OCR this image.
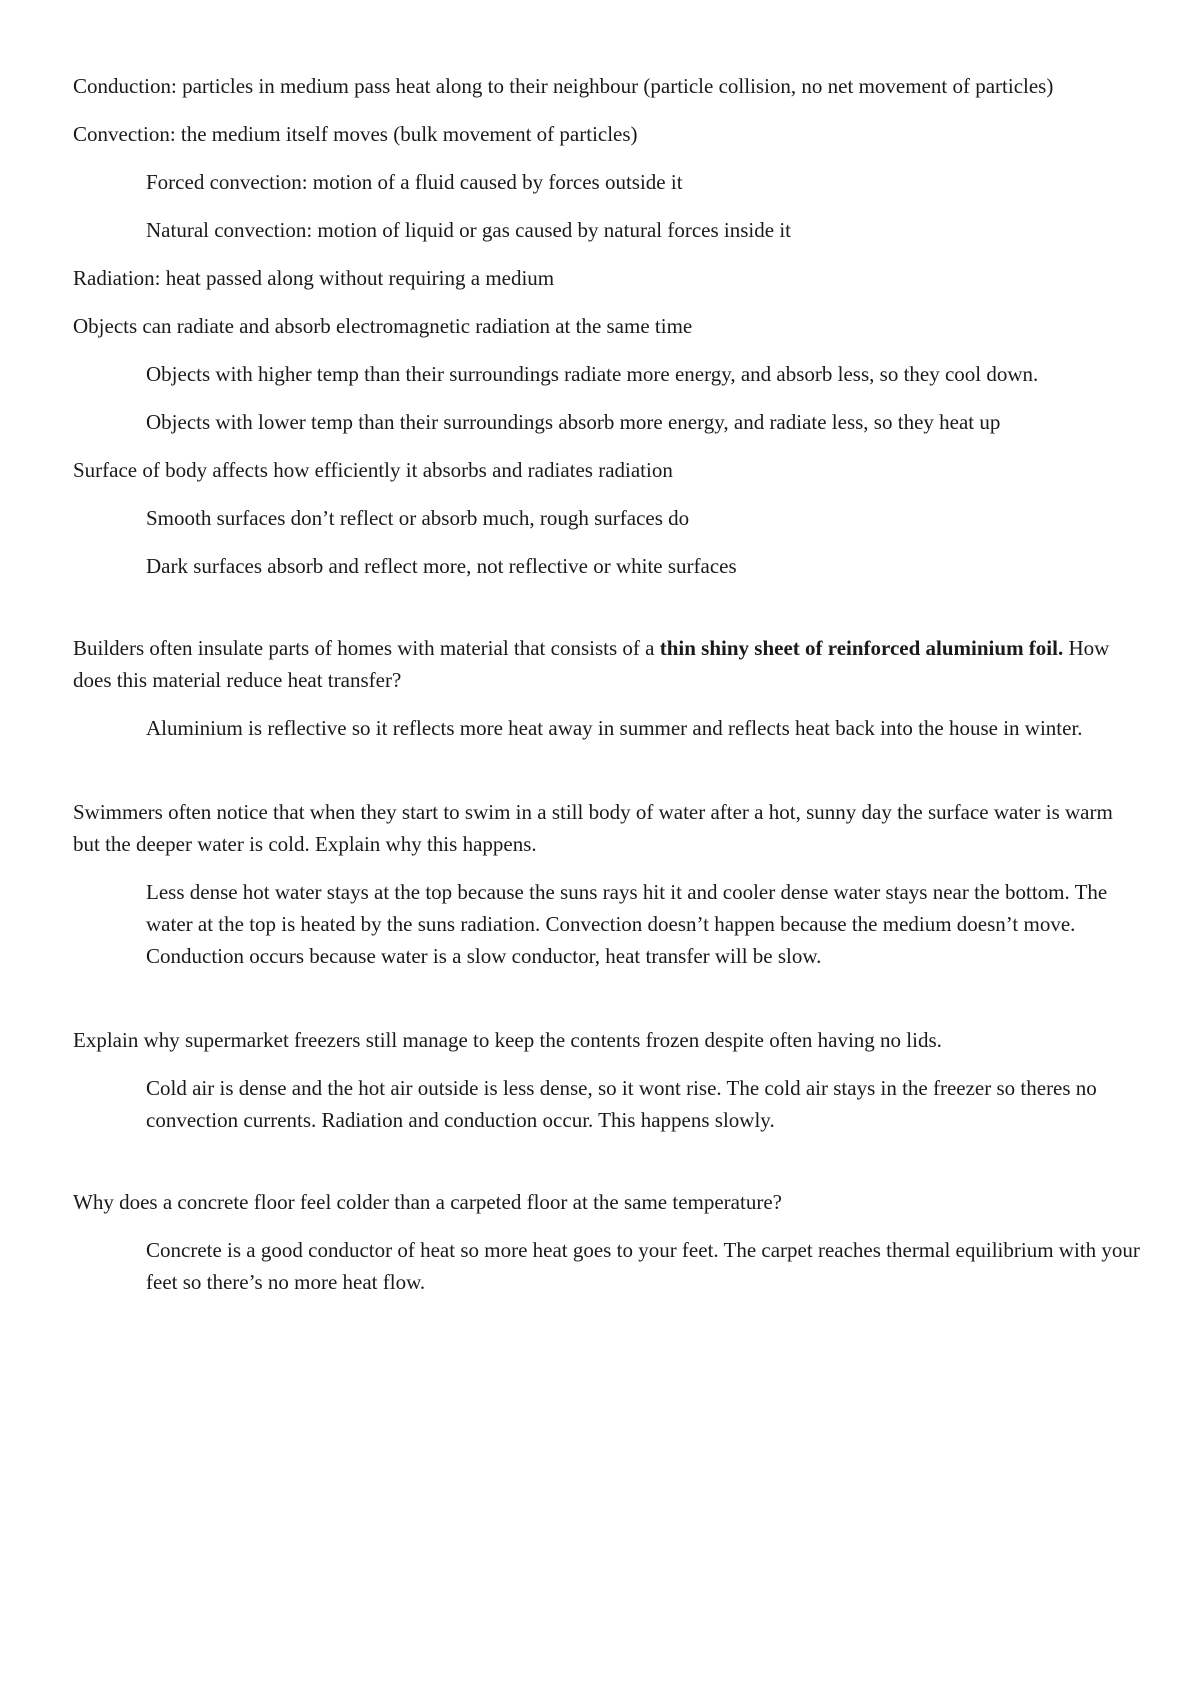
Conduction: particles in medium pass heat along to their neighbour (particle collision, no net movement of particles)

Convection: the medium itself moves (bulk movement of particles)

Forced convection: motion of a fluid caused by forces outside it

Natural convection: motion of liquid or gas caused by natural forces inside it

Radiation: heat passed along without requiring a medium

Objects can radiate and absorb electromagnetic radiation at the same time

Objects with higher temp than their surroundings radiate more energy, and absorb less, so they cool down.

Objects with lower temp than their surroundings absorb more energy, and radiate less, so they heat up

Surface of body affects how efficiently it absorbs and radiates radiation

Smooth surfaces don’t reflect or absorb much, rough surfaces do

Dark surfaces absorb and reflect more, not reflective or white surfaces

Builders often insulate parts of homes with material that consists of a thin shiny sheet of reinforced aluminium foil. How does this material reduce heat transfer?

Aluminium is reflective so it reflects more heat away in summer and reflects heat back into the house in winter.

Swimmers often notice that when they start to swim in a still body of water after a hot, sunny day the surface water is warm but the deeper water is cold. Explain why this happens.

Less dense hot water stays at the top because the suns rays hit it and cooler dense water stays near the bottom. The water at the top is heated by the suns radiation. Convection doesn’t happen because the medium doesn’t move. Conduction occurs because water is a slow conductor, heat transfer will be slow.

Explain why supermarket freezers still manage to keep the contents frozen despite often having no lids.

Cold air is dense and the hot air outside is less dense, so it wont rise. The cold air stays in the freezer so theres no convection currents. Radiation and conduction occur. This happens slowly.

Why does a concrete floor feel colder than a carpeted floor at the same temperature?

Concrete is a good conductor of heat so more heat goes to your feet. The carpet reaches thermal equilibrium with your feet so there’s no more heat flow.
